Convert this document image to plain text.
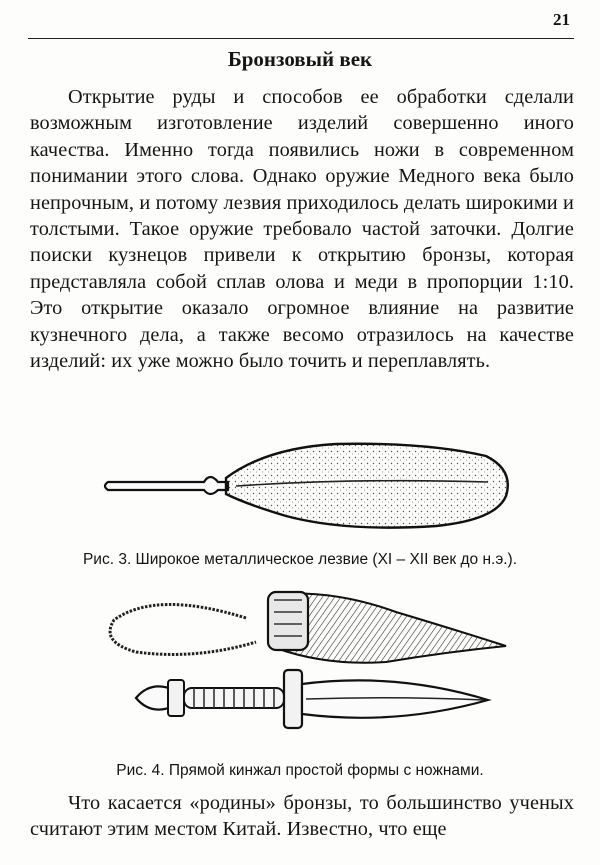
21
Бронзовый век

Открытие руды и способов ее обработки сделали возможным изготовление изделий совершенно иного качества. Именно тогда появились ножи в современном понимании этого слова. Однако оружие Медного века было непрочным, и потому лезвия приходилось делать широкими и толстыми. Такое оружие требовало частой заточки. Долгие поиски кузнецов привели к открытию бронзы, которая представляла собой сплав олова и меди в пропорции 1:10. Это открытие оказало огромное влияние на развитие кузнечного дела, а также весомо отразилось на качестве изделий: их уже можно было точить и переплавлять.

Рис. 3. Широкое металлическое лезвие (XI – XII век до н.э.).
Рис. 4. Прямой кинжал простой формы с ножнами.

Что касается «родины» бронзы, то большинство ученых считают этим местом Китай. Известно, что еще
